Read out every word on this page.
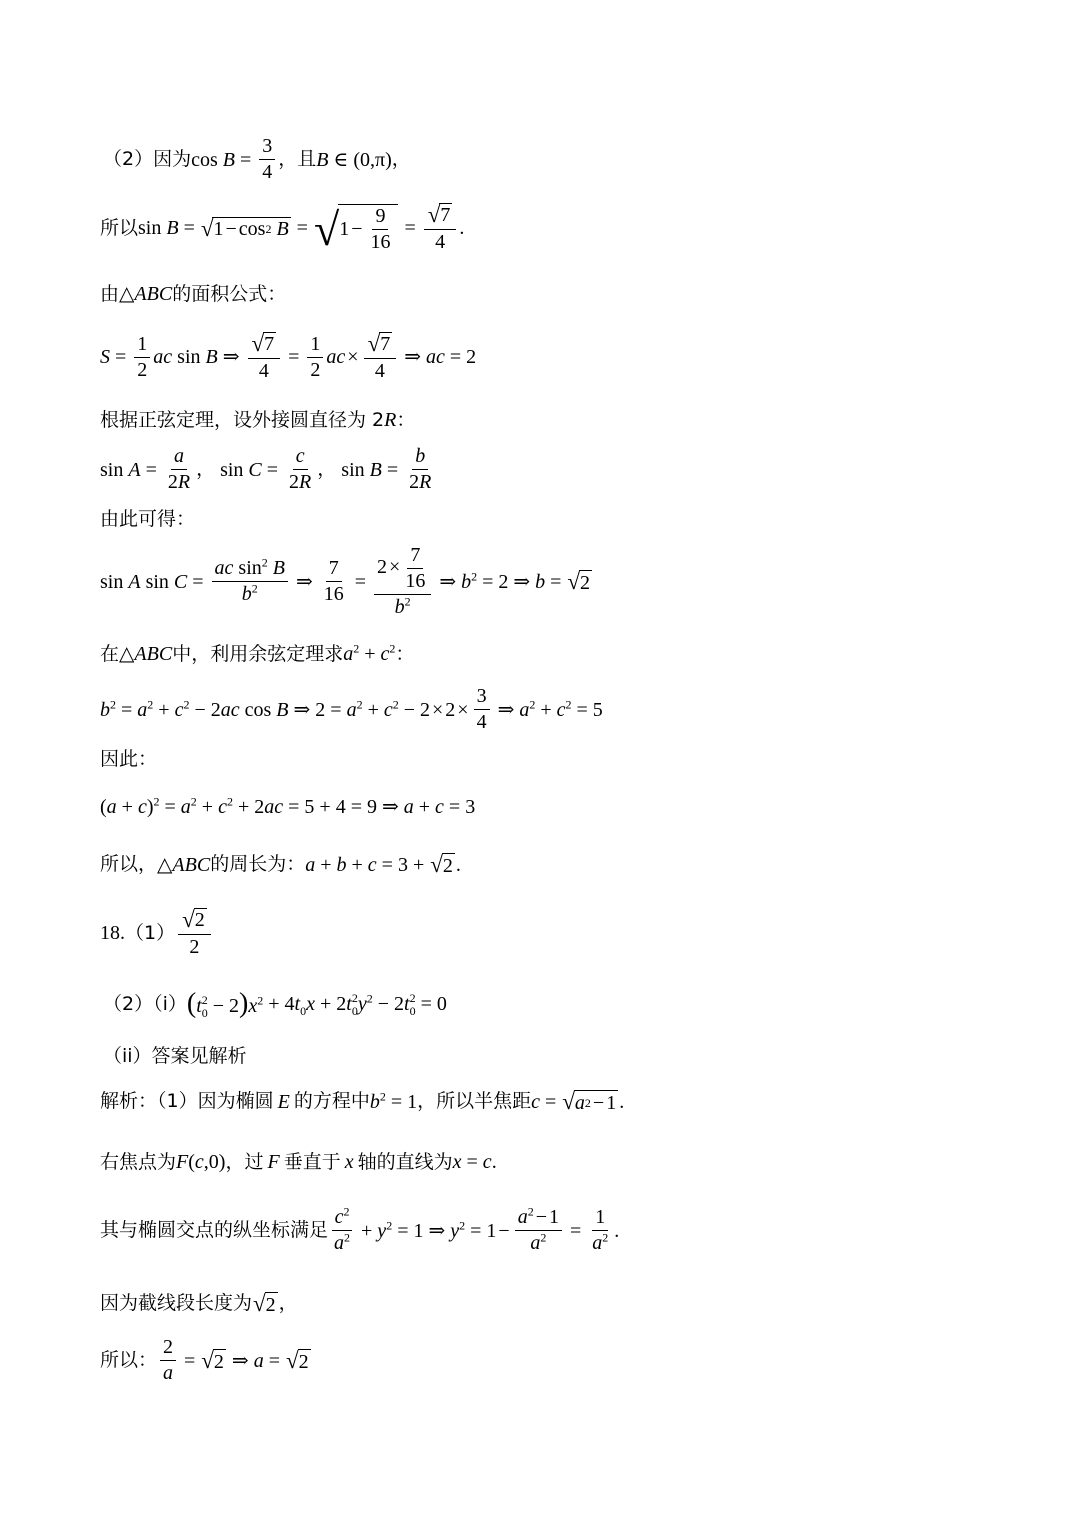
（2）因为 $\cos B = \frac{3}{4}$ ，且 B ∈ (0,π) ，
所以 sin B = √ 1 − cos 2
B = √ $1 - \frac{9}{16} = \frac{√ 7}{4}$ .
由 △ ABC 的面积公式：
$S = \frac{1}{2}$ ac sin B ⇒ $\frac{√ 7}{4} = \frac{1}{2}$ ac × $\frac{√ 7}{4}$ ⇒ ac = 2
根据正弦定理，设外接圆直径为 2 R ：
$\sin A = \frac{a}{2R}$ ， $\sin C = \frac{c}{2R}$ ， $\sin B = \frac{b}{2R}$
由此可得：
sin A $\sin C = \frac{ac \sin^2 B}{b^2}$ ⇒ $\frac{7}{16} = \frac{2 \times \frac{7}{16}}{b^2}$ ⇒ $b^2 = 2$ ⇒ b = √ 2
在 △ ABC 中，利用余弦定理求 $a^2 + c^2$ ：
$b^2 = a^2 + c^2 - 2ac$ cos B ⇒ $2 = a^2 + c^2 - 2 \times 2 \times \frac{3}{4}$ ⇒ $a^2 + c^2 = 5$
因此：
$(a + c)^2 = a^2 + c^2 + 2ac = 5 + 4 = 9$ ⇒ a + c = 3
所以， △ ABC 的周长为： a + b + c = 3 + √ 2 .
18. $(1) \frac{√ 2}{2}$
（2）（i） $(t_0^2 - 2)x^2 + 4t_0x + 2t_0^2y^2 - 2t_0^2 = 0$
（ii）答案见解析
解析：（1）因为椭圆 E 的方程中 $b^2 = 1$ ，所以半焦距 c = √ a 2 − 1 .
右焦点为 F(c,0) ，过 F 垂直于 x 轴的直线为 x = c .
其与椭圆交点的纵坐标满足 $\frac{c^2}{a^2} + y^2 = 1$ ⇒ $y^2 = 1 - \frac{a^2 - 1}{a^2} = \frac{1}{a^2}$ .
因为截线段长度为 √ 2 ，
所以： $\frac{2}{a}$ = √ 2 ⇒ a = √ 2
